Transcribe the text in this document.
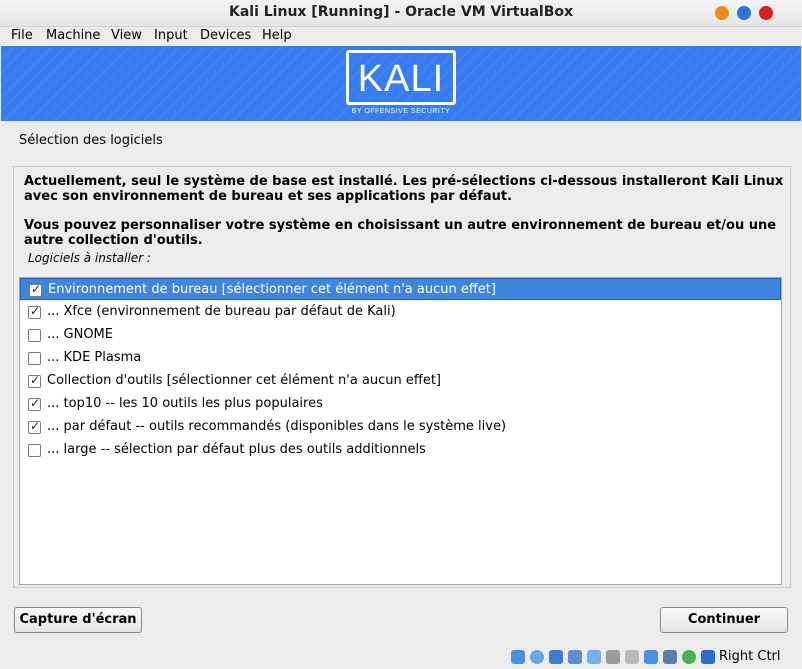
Kali Linux [Running] - Oracle VM VirtualBox
File Machine View Input Devices Help
KALI
BY OFFENSIVE SECURITY
Sélection des logiciels
Actuellement, seul le système de base est installé. Les pré-sélections ci-dessous installeront Kali Linux avec son environnement de bureau et ses applications par défaut.
Vous pouvez personnaliser votre système en choisissant un autre environnement de bureau et/ou une autre collection d'outils.
Logiciels à installer :
✓ Environnement de bureau [sélectionner cet élément n'a aucun effet]
✓ ... Xfce (environnement de bureau par défaut de Kali)
... GNOME
... KDE Plasma
✓ Collection d'outils [sélectionner cet élément n'a aucun effet]
✓ ... top10 -- les 10 outils les plus populaires
✓ ... par défaut -- outils recommandés (disponibles dans le système live)
... large -- sélection par défaut plus des outils additionnels
Capture d'écran	Continuer
Right Ctrl
